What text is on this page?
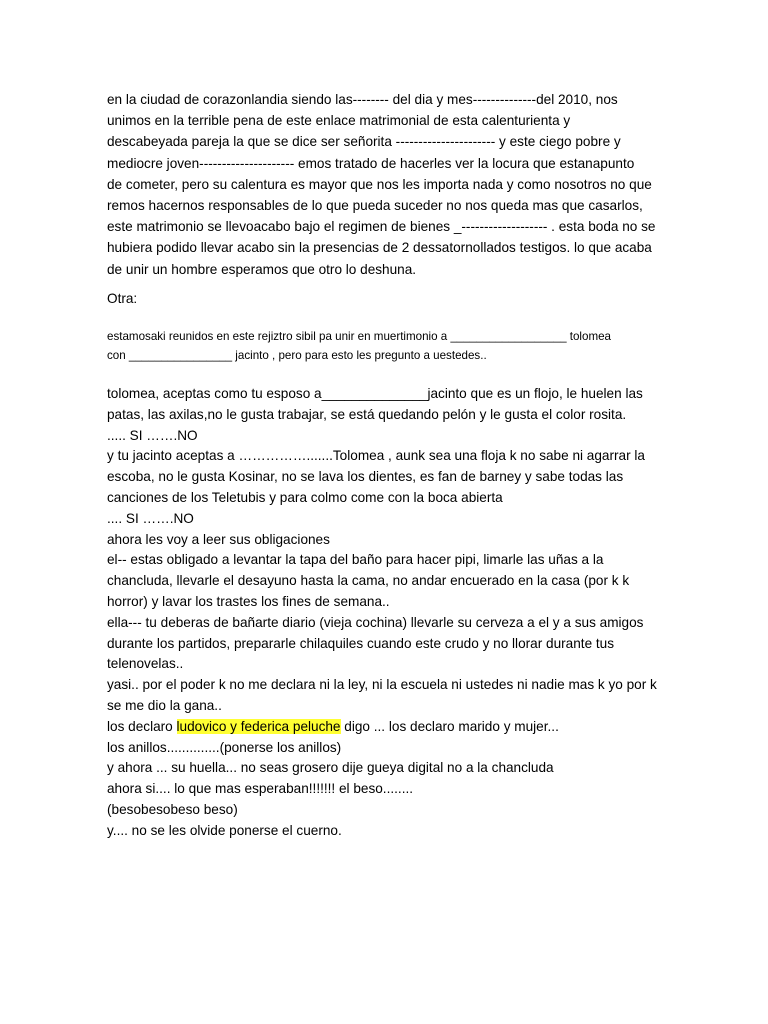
en la ciudad de corazonlandia siendo las-------- del dia y mes--------------del 2010, nos
unimos en la terrible pena de este enlace matrimonial de esta calenturienta y
descabeyada pareja la que se dice ser señorita ---------------------- y este ciego pobre y
mediocre joven--------------------- emos tratado de hacerles ver la locura que estanapunto
de cometer, pero su calentura es mayor que nos les importa nada y como nosotros no que
remos hacernos responsables de lo que pueda suceder no nos queda mas que casarlos,
este matrimonio se llevoacabo bajo el regimen de bienes _------------------- . esta boda no se
hubiera podido llevar acabo sin la presencias de 2 dessatornollados testigos. lo que acaba
de unir un hombre esperamos que otro lo deshuna.
Otra:
estamosaki reunidos en este rejiztro sibil pa unir en muertimonio a __________________ tolomea
con ________________ jacinto , pero para esto les pregunto a uestedes..
tolomea, aceptas como tu esposo a______________jacinto que es un flojo, le huelen las
patas, las axilas,no le gusta trabajar, se está quedando pelón y le gusta el color rosita.
..... SI …….NO
y tu jacinto aceptas a …………….......Tolomea , aunk sea una floja k no sabe ni agarrar la
escoba, no le gusta Kosinar, no se lava los dientes, es fan de barney y sabe todas las
canciones de los Teletubis y para colmo come con la boca abierta
.... SI …….NO
ahora les voy a leer sus obligaciones
el-- estas obligado a levantar la tapa del baño para hacer pipi, limarle las uñas a la
chancluda, llevarle el desayuno hasta la cama, no andar encuerado en la casa (por k k
horror) y lavar los trastes los fines de semana..
ella--- tu deberas de bañarte diario (vieja cochina) llevarle su cerveza a el y a sus amigos
durante los partidos, prepararle chilaquiles cuando este crudo y no llorar durante tus
telenovelas..
yasi.. por el poder k no me declara ni la ley, ni la escuela ni ustedes ni nadie mas k yo por k
se me dio la gana..
los declaro ludovico y federica peluche digo ... los declaro marido y mujer...
los anillos..............(ponerse los anillos)
y ahora ... su huella... no seas grosero dije gueya digital no a la chancluda
ahora si.... lo que mas esperaban!!!!!!! el beso........
(besobesobeso beso)
y.... no se les olvide ponerse el cuerno.
